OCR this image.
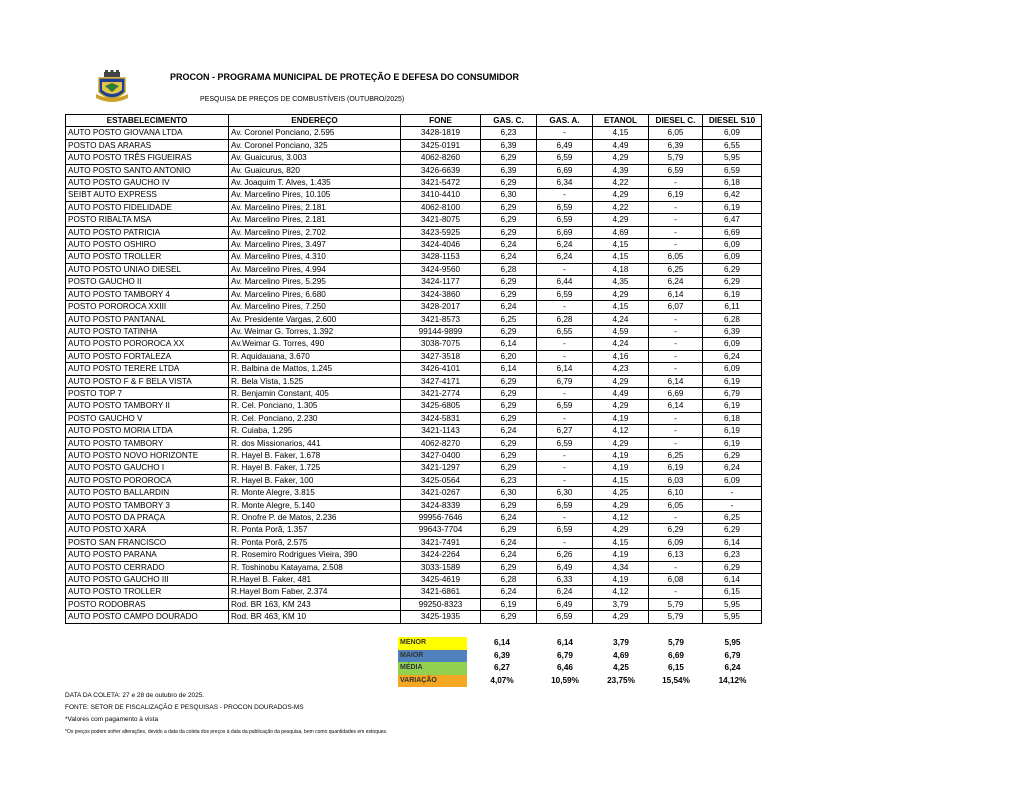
PROCON - PROGRAMA MUNICIPAL DE PROTEÇÃO E DEFESA DO CONSUMIDOR
PESQUISA DE PREÇOS DE COMBUSTÍVEIS (OUTUBRO/2025)
ESTABELECIMENTO	ENDEREÇO	FONE	GAS. C.	GAS. A.	ETANOL	DIESEL C.	DIESEL S10
AUTO POSTO GIOVANA LTDA	Av. Coronel Ponciano, 2.595	3428-1819	6,23	-	4,15	6,05	6,09
POSTO DAS ARARAS	Av. Coronel Ponciano, 325	3425-0191	6,39	6,49	4,49	6,39	6,55
AUTO POSTO TRÊS FIGUEIRAS	Av. Guaicurus, 3.003	4062-8260	6,29	6,59	4,29	5,79	5,95
AUTO POSTO SANTO ANTONIO	Av. Guaicurus, 820	3426-6639	6,39	6,69	4,39	6,59	6,59
AUTO POSTO GAUCHO IV	Av. Joaquim T. Alves, 1.435	3421-5472	6,29	6,34	4,22	-	6,18
SEIBT AUTO EXPRESS	Av. Marcelino Pires, 10.105	3410-4410	6,30	-	4,29	6,19	6,42
AUTO POSTO FIDELIDADE	Av. Marcelino Pires, 2.181	4062-8100	6,29	6,59	4,22	-	6,19
POSTO RIBALTA MSA	Av. Marcelino Pires, 2.181	3421-8075	6,29	6,59	4,29	-	6,47
AUTO POSTO PATRICIA	Av. Marcelino Pires, 2.702	3423-5925	6,29	6,69	4,69	-	6,69
AUTO POSTO OSHIRO	Av. Marcelino Pires, 3.497	3424-4046	6,24	6,24	4,15	-	6,09
AUTO POSTO TROLLER	Av. Marcelino Pires, 4.310	3428-1153	6,24	6,24	4,15	6,05	6,09
AUTO POSTO UNIAO DIESEL	Av. Marcelino Pires, 4.994	3424-9560	6,28	-	4,18	6,25	6,29
POSTO GAUCHO II	Av. Marcelino Pires, 5.295	3424-1177	6,29	6,44	4,35	6,24	6,29
AUTO POSTO TAMBORY 4	Av. Marcelino Pires, 6.680	3424-3860	6,29	6,59	4,29	6,14	6,19
POSTO POROROCA XXIII	Av. Marcelino Pires, 7.250	3428-2017	6,24	-	4,15	6,07	6,11
AUTO POSTO PANTANAL	Av. Presidente Vargas, 2.600	3421-8573	6,25	6,28	4,24	-	6,28
AUTO POSTO TATINHA	Av. Weimar G. Torres, 1.392	99144-9899	6,29	6,55	4,59	-	6,39
AUTO POSTO POROROCA XX	Av.Weimar G. Torres, 490	3038-7075	6,14	-	4,24	-	6,09
AUTO POSTO FORTALEZA	R. Aquidauana, 3.670	3427-3518	6,20	-	4,16	-	6,24
AUTO POSTO TERERE LTDA	R. Balbina de Mattos, 1.245	3426-4101	6,14	6,14	4,23	-	6,09
AUTO POSTO F & F BELA VISTA	R. Bela Vista, 1.525	3427-4171	6,29	6,79	4,29	6,14	6,19
POSTO TOP 7	R. Benjamin Constant, 405	3421-2774	6,29	-	4,49	6,69	6,79
AUTO POSTO TAMBORY II	R. Cel. Ponciano, 1.305	3425-6805	6,29	6,59	4,29	6,14	6,19
POSTO GAUCHO V	R. Cel. Ponciano, 2.230	3424-5831	6,29	-	4,19	-	6,18
AUTO POSTO MORIA LTDA	R. Cuiaba, 1.295	3421-1143	6,24	6,27	4,12	-	6,19
AUTO POSTO TAMBORY	R. dos Missionarios, 441	4062-8270	6,29	6,59	4,29	-	6,19
AUTO POSTO NOVO HORIZONTE	R. Hayel B. Faker, 1.678	3427-0400	6,29	-	4,19	6,25	6,29
AUTO POSTO GAUCHO I	R. Hayel B. Faker, 1.725	3421-1297	6,29	-	4,19	6,19	6,24
AUTO POSTO POROROCA	R. Hayel B. Faker, 100	3425-0564	6,23	-	4,15	6,03	6,09
AUTO POSTO BALLARDIN	R. Monte Alegre, 3.815	3421-0267	6,30	6,30	4,25	6,10	-
AUTO POSTO TAMBORY 3	R. Monte Alegre, 5.140	3424-8339	6,29	6,59	4,29	6,05	-
AUTO POSTO DA PRAÇA	R. Onofre P. de Matos, 2.236	99956-7646	6,24	-	4,12	-	6,25
AUTO POSTO XARÁ	R. Ponta Porã, 1.357	99643-7704	6,29	6,59	4,29	6,29	6,29
POSTO SAN FRANCISCO	R. Ponta Porã, 2.575	3421-7491	6,24	-	4,15	6,09	6,14
AUTO POSTO PARANA	R. Rosemiro Rodrigues Vieira, 390	3424-2264	6,24	6,26	4,19	6,13	6,23
AUTO POSTO CERRADO	R. Toshinobu Katayama, 2.508	3033-1589	6,29	6,49	4,34	-	6,29
AUTO POSTO GAUCHO III	R.Hayel B. Faker, 481	3425-4619	6,28	6,33	4,19	6,08	6,14
AUTO POSTO TROLLER	R.Hayel Bom Faber, 2.374	3421-6861	6,24	6,24	4,12	-	6,15
POSTO RODOBRAS	Rod. BR 163, KM 243	99250-8323	6,19	6,49	3,79	5,79	5,95
AUTO POSTO CAMPO DOURADO	Rod. BR 463, KM 10	3425-1935	6,29	6,59	4,29	5,79	5,95
MENOR	6,14	6,14	3,79	5,79	5,95
MAIOR	6,39	6,79	4,69	6,69	6,79
MÉDIA	6,27	6,46	4,25	6,15	6,24
VARIAÇÃO	4,07%	10,59%	23,75%	15,54%	14,12%
DATA DA COLETA: 27 e 28 de outubro de 2025.
FONTE: SETOR DE FISCALIZAÇÃO E PESQUISAS - PROCON DOURADOS-MS
*Valores com pagamento à vista
*Os preços podem sofrer alterações, devido a data da coleta dos preços à data da publicação da pesquisa, bem como quantidades em estoques.
